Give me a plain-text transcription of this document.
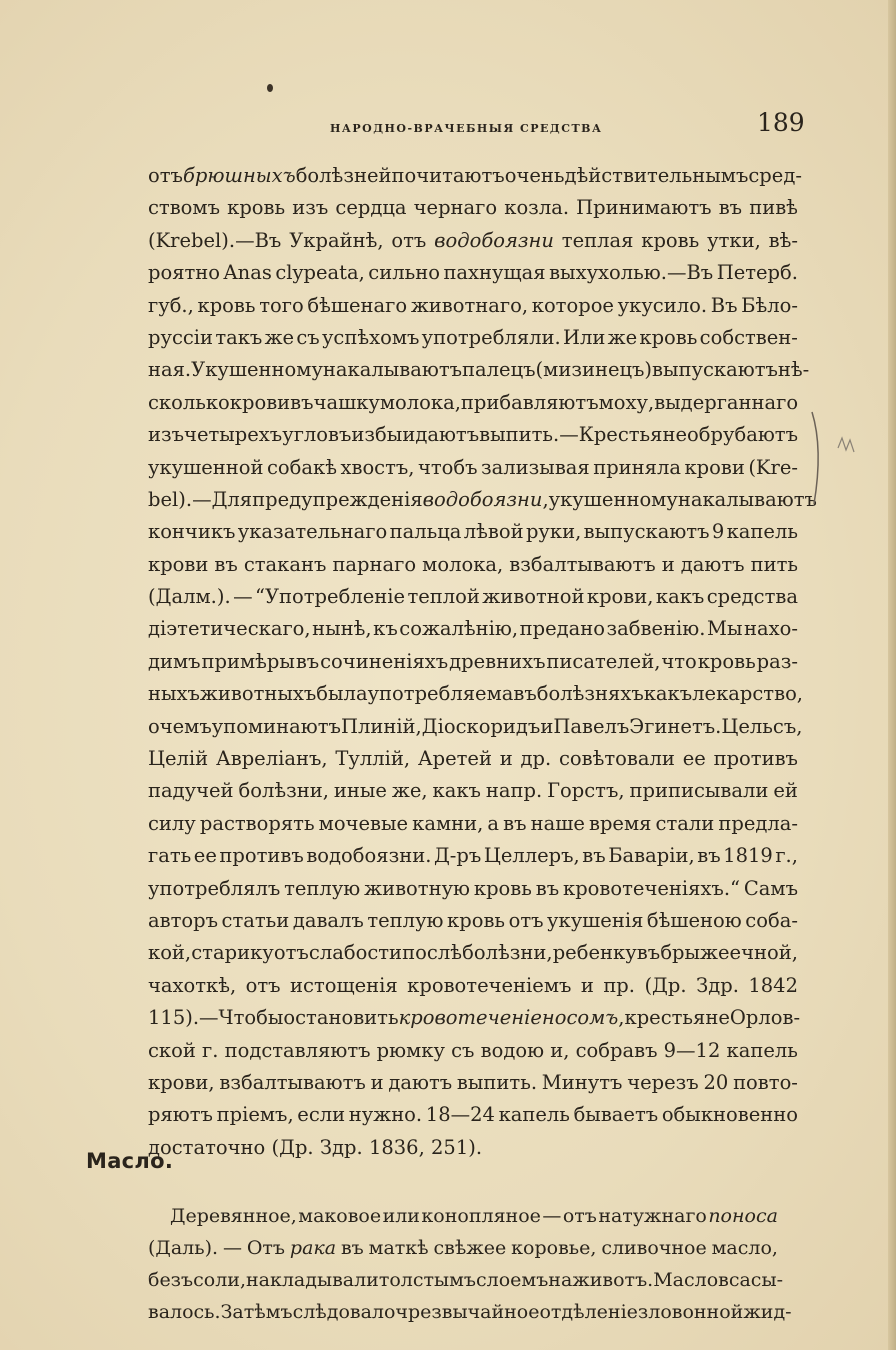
НАРОДНО-ВРАЧЕБНЫЯ СРЕДСТВА	189
отъ брюшныхъ болѣзней почитаютъ очень дѣйствительнымъ сред-
ствомъ кровь изъ сердца чернаго козла. Принимаютъ въ пивѣ
(Krebel).—Въ Украйнѣ, отъ водобоязни теплая кровь утки, вѣ-
роятно Anas clypeata, сильно пахнущая выхухолью.—Въ Петерб.
губ., кровь того бѣшенаго животнаго, которое укусило. Въ Бѣло-
руссіи такъ же съ успѣхомъ употребляли. Или же кровь собствен-
ная. Укушенному накалываютъ палецъ (мизинецъ) выпускаютъ нѣ-
сколько крови въ чашку молока, прибавляютъ моху, выдерганнаго
изъ четырехъ угловъ избы и даютъ выпить.—Крестьяне обрубаютъ
укушенной собакѣ хвостъ, чтобъ зализывая приняла крови (Kre-
bel).—Для предупрежденія водобоязни , укушенному накалываютъ
кончикъ указательнаго пальца лѣвой руки, выпускаютъ 9 капель
крови въ стаканъ парнаго молока, взбалтываютъ и даютъ пить
(Далм.). — “Употребленіе теплой животной крови, какъ средства
діэтетическаго, нынѣ, къ сожалѣнію, предано забвенію. Мы нахо-
димъ примѣры въ сочиненіяхъ древнихъ писателей, что кровь раз-
ныхъ животныхъ была употребляема въ болѣзняхъ какъ лекарство,
о чемъ упоминаютъ Плиній, Діоскоридъ и Павелъ Эгинетъ. Цельсъ,
Целій Авреліанъ, Туллій, Аретей и др. совѣтовали ее противъ
падучей болѣзни, иные же, какъ напр. Горстъ, приписывали ей
силу растворять мочевые камни, а въ наше время стали предла-
гать ее противъ водобоязни. Д-ръ Целлеръ, въ Баваріи, въ 1819 г.,
употреблялъ теплую животную кровь въ кровотеченіяхъ.“ Самъ
авторъ статьи давалъ теплую кровь отъ укушенія бѣшеною соба-
кой, старику отъ слабости послѣ болѣзни, ребенку въ брыжеечной,
чахоткѣ, отъ истощенія кровотеченіемъ и пр. (Др. Здр. 1842
115).—Чтобы остановить кровотеченіе носомъ , крестьяне Орлов-
ской г. подставляютъ рюмку съ водою и, собравъ 9—12 капель
крови, взбалтываютъ и даютъ выпить. Минутъ черезъ 20 повто-
ряютъ пріемъ, если нужно. 18—24 капель бываетъ обыкновенно
достаточно (Др. Здр. 1836, 251).
Масло.
Деревянное, маковое или конопляное — отъ натужнаго поноса
(Даль). — Отъ рака въ маткѣ свѣжее коровье, сливочное масло,
безъ соли, накладывали толстымъ слоемъ на животъ. Масло всасы-
валось. Затѣмъ слѣдовало чрезвычайное отдѣленіе зловонной жид-
